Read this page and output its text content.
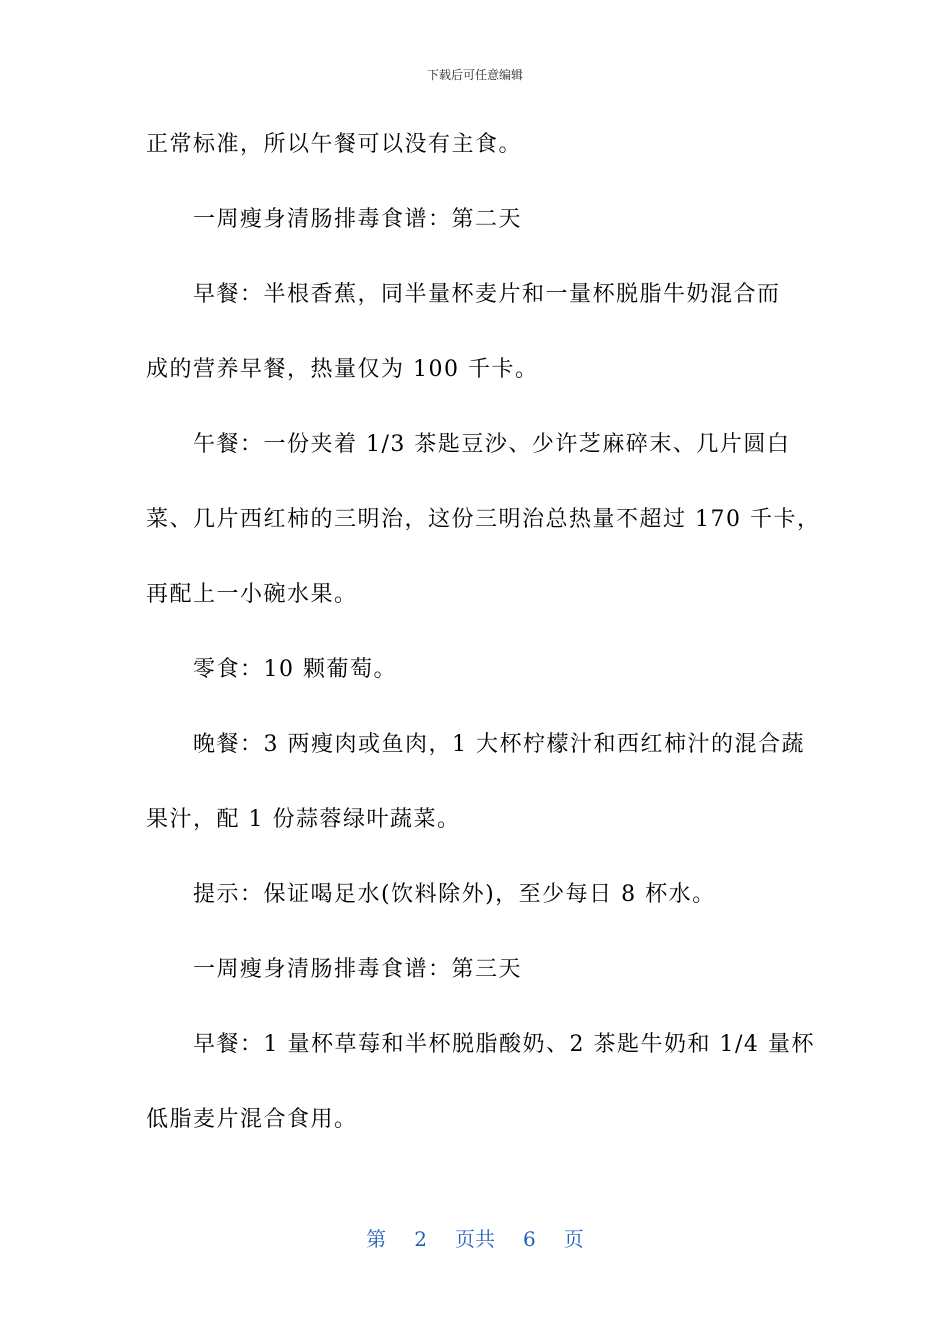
下载后可任意编辑
正常标准，所以午餐可以没有主食。
一周瘦身清肠排毒食谱：第二天
早餐：半根香蕉，同半量杯麦片和一量杯脱脂牛奶混合而
成的营养早餐，热量仅为 100 千卡。
午餐：一份夹着 1/3 茶匙豆沙、少许芝麻碎末、几片圆白
菜、几片西红柿的三明治，这份三明治总热量不超过 170 千卡，
再配上一小碗水果。
零食：10 颗葡萄。
晚餐：3 两瘦肉或鱼肉，1 大杯柠檬汁和西红柿汁的混合蔬
果汁，配 1 份蒜蓉绿叶蔬菜。
提示：保证喝足水(饮料除外)，至少每日 8 杯水。
一周瘦身清肠排毒食谱：第三天
早餐：1 量杯草莓和半杯脱脂酸奶、2 茶匙牛奶和 1/4 量杯
低脂麦片混合食用。
第 2 页共 6 页
